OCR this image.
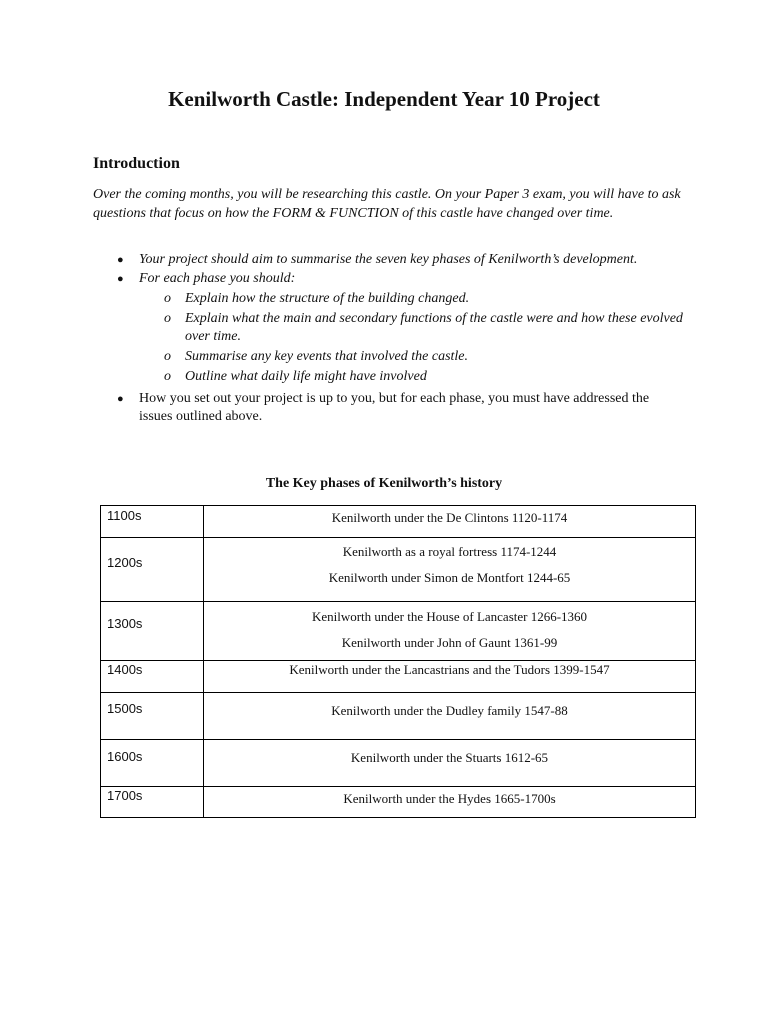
Kenilworth Castle: Independent Year 10 Project
Introduction

Over the coming months, you will be researching this castle. On your Paper 3 exam, you will have to ask questions that focus on how the FORM & FUNCTION of this castle have changed over time.

● Your project should aim to summarise the seven key phases of Kenilworth’s development.
● For each phase you should:
o Explain how the structure of the building changed.
o Explain what the main and secondary functions of the castle were and how these evolved over time.
o Summarise any key events that involved the castle.
o Outline what daily life might have involved
● How you set out your project is up to you, but for each phase, you must have addressed the issues outlined above.

The Key phases of Kenilworth’s history

1100s	Kenilworth under the De Clintons 1120-1174

1200s	Kenilworth as a royal fortress 1174-1244
Kenilworth under Simon de Montfort 1244-65

1300s	Kenilworth under the House of Lancaster 1266-1360
Kenilworth under John of Gaunt 1361-99

1400s	Kenilworth under the Lancastrians and the Tudors 1399-1547

1500s	Kenilworth under the Dudley family 1547-88

1600s	Kenilworth under the Stuarts 1612-65

1700s	Kenilworth under the Hydes 1665-1700s
